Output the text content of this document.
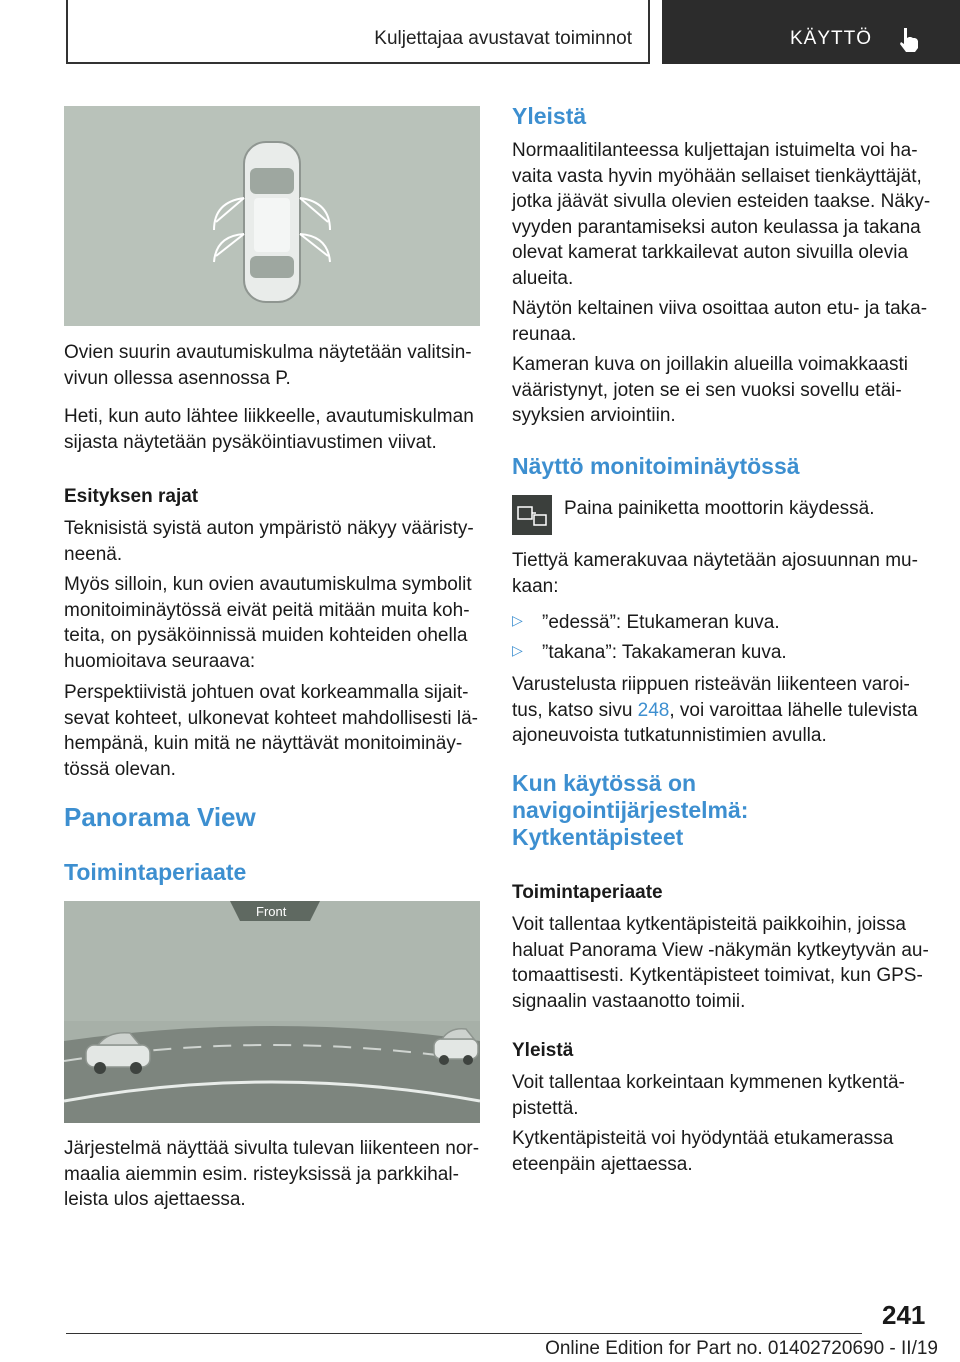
Kuljettajaa avustavat toiminnot	KÄYTTÖ

Ovien suurin avautumiskulma näytetään valitsin-
vivun ollessa asennossa P.

Heti, kun auto lähtee liikkeelle, avautumiskulman
sijasta näytetään pysäköintiavustimen viivat.

Esityksen rajat

Teknisistä syistä auton ympäristö näkyy vääristy-
neenä.

Myös silloin, kun ovien avautumiskulma symbolit
monitoiminäytössä eivät peitä mitään muita koh-
teita, on pysäköinnissä muiden kohteiden ohella
huomioitava seuraava:

Perspektiivistä johtuen ovat korkeammalla sijait-
sevat kohteet, ulkonevat kohteet mahdollisesti lä-
hempänä, kuin mitä ne näyttävät monitoiminäy-
tössä olevan.

Panorama View

Toimintaperiaate

Front

Järjestelmä näyttää sivulta tulevan liikenteen nor-
maalia aiemmin esim. risteyksissä ja parkkihal-
leista ulos ajettaessa.

Yleistä

Normaalitilanteessa kuljettajan istuimelta voi ha-
vaita vasta hyvin myöhään sellaiset tienkäyttäjät,
jotka jäävät sivulla olevien esteiden taakse. Näky-
vyyden parantamiseksi auton keulassa ja takana
olevat kamerat tarkkailevat auton sivuilla olevia
alueita.

Näytön keltainen viiva osoittaa auton etu- ja taka-
reunaa.

Kameran kuva on joillakin alueilla voimakkaasti
vääristynyt, joten se ei sen vuoksi sovellu etäi-
syyksien arviointiin.

Näyttö monitoiminäytössä

Paina painiketta moottorin käydessä.

Tiettyä kamerakuvaa näytetään ajosuunnan mu-
kaan:

▷ ”edessä”: Etukameran kuva.
▷ ”takana”: Takakameran kuva.

Varustelusta riippuen risteävän liikenteen varoi-
tus, katso sivu 248, voi varoittaa lähelle tulevista
ajoneuvoista tutkatunnistimien avulla.

Kun käytössä on
navigointijärjestelmä:
Kytkentäpisteet

Toimintaperiaate

Voit tallentaa kytkentäpisteitä paikkoihin, joissa
haluat Panorama View -näkymän kytkeytyvän au-
tomaattisesti. Kytkentäpisteet toimivat, kun GPS-
signaalin vastaanotto toimii.

Yleistä

Voit tallentaa korkeintaan kymmenen kytkentä-
pistettä.

Kytkentäpisteitä voi hyödyntää etukamerassa
eteenpäin ajettaessa.

241
Online Edition for Part no. 01402720690 - II/19
